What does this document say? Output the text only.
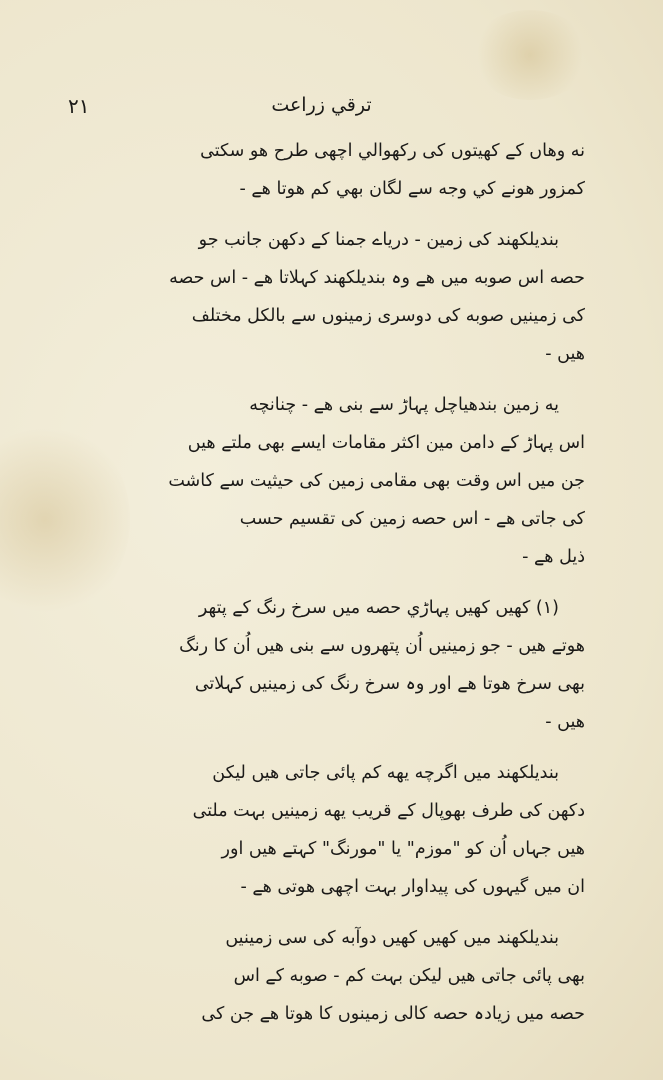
۲۱	ترقي زراعت

نه وهاں کے کهیتوں کی رکهوالي اچهی طرح هو سکتی

کمزور هونے کي وجه سے لگان بهي کم هوتا هے -

بندیلکهند کی زمین - دریاے جمنا کے دکهن جانب جو

حصه اس صوبه میں هے وہ بندیلکهند کہلاتا هے - اس حصه

کی زمینیں صوبه کی دوسری زمینوں سے بالکل مختلف

هیں -

یه زمین بندهیاچل پہاڑ سے بنی هے - چنانچه

اس پہاڑ کے دامن مین اکثر مقامات ایسے بهی ملتے هیں

جن میں اس وقت بهی مقامی زمین کی حیثیت سے کاشت

کی جاتی هے - اس حصه زمین کی تقسیم حسب

ذیل هے -

(۱) کهیں کهیں پہاڑي حصه میں سرخ رنگ کے پتهر

هوتے هیں - جو زمینیں اُن پتهروں سے بنی هیں اُن کا رنگ

بهی سرخ هوتا هے اور وہ سرخ رنگ کی زمینیں کہلاتی

هیں -

بندیلکهند میں اگرچه یهه کم پائی جاتی هیں لیکن

دکهن کی طرف بهوپال کے قریب یهه زمینیں بہت ملتی

هیں جہاں اُن کو "موزم" یا "مورنگ" کہتے هیں اور

ان میں گیہوں کی پیداوار بہت اچهی هوتی هے -

بندیلکهند میں کهیں کهیں دوآبه کی سی زمینیں

بهی پائی جاتی هیں لیکن بہت کم - صوبه کے اس

حصه میں زیادہ حصه کالی زمینوں کا هوتا هے جن کی
